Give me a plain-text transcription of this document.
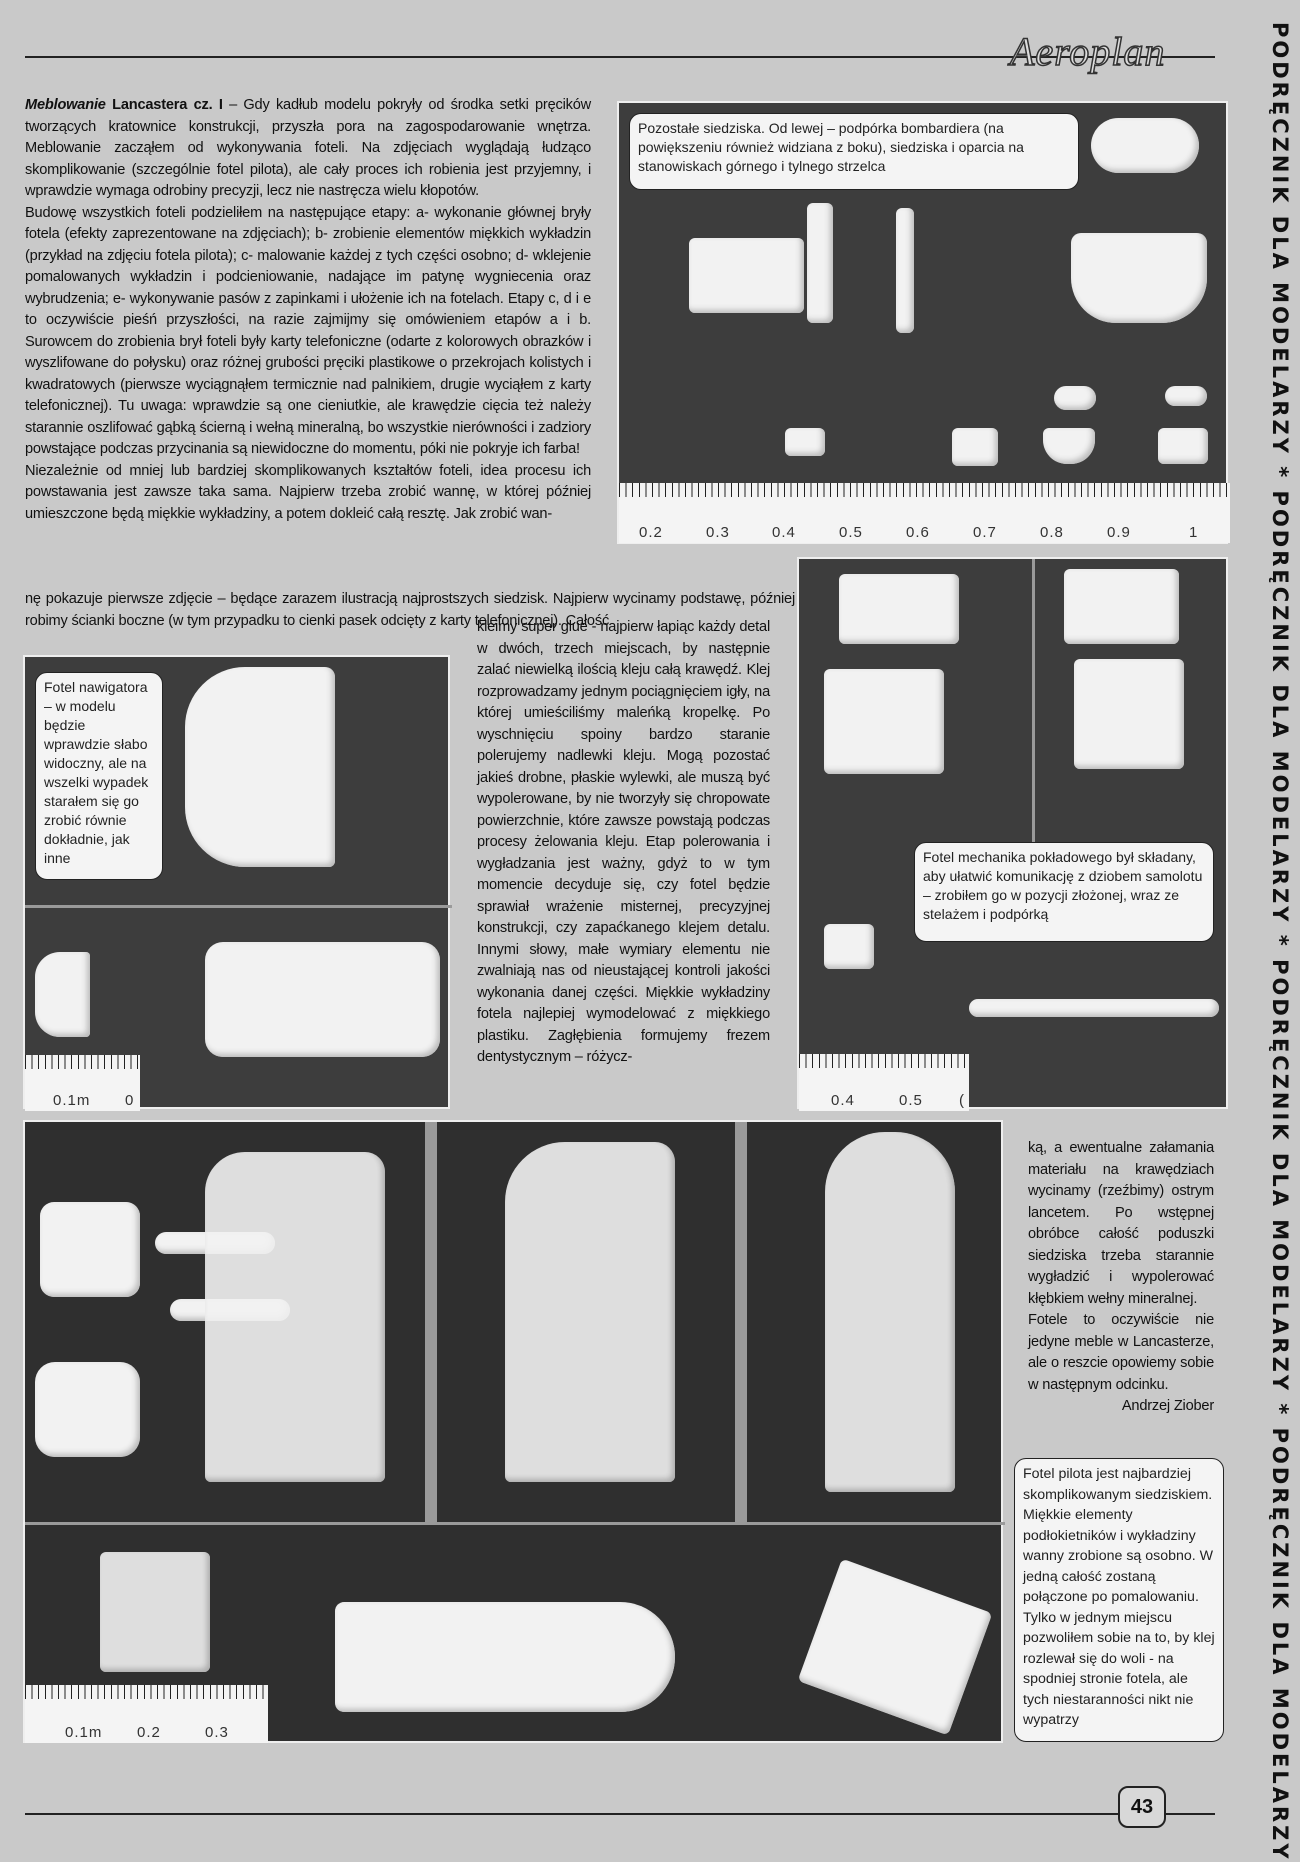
Aeroplan	PODRĘCZNIK DLA MODELARZY * PODRĘCZNIK DLA MODELARZY * PODRĘCZNIK DLA MODELARZY * PODRĘCZNIK DLA MODELARZY

Meblowanie Lancastera cz. I – Gdy kadłub modelu pokryły od środka setki pręcików tworzących kratownice konstrukcji, przyszła pora na zagospodarowanie wnętrza. Meblowanie zacząłem od wykonywania foteli. Na zdjęciach wyglądają łudząco skomplikowanie (szczególnie fotel pilota), ale cały proces ich robienia jest przyjemny, i wprawdzie wymaga odrobiny precyzji, lecz nie nastręcza wielu kłopotów.

Budowę wszystkich foteli podzieliłem na następujące etapy: a- wykonanie głównej bryły fotela (efekty zaprezentowane na zdjęciach); b- zrobienie elementów miękkich wykładzin (przykład na zdjęciu fotela pilota); c- malowanie każdej z tych części osobno; d- wklejenie pomalowanych wykładzin i podcieniowanie, nadające im patynę wygniecenia oraz wybrudzenia; e- wykonywanie pasów z zapinkami i ułożenie ich na fotelach. Etapy c, d i e to oczywiście pieśń przyszłości, na razie zajmijmy się omówieniem etapów a i b. Surowcem do zrobienia brył foteli były karty telefoniczne (odarte z kolorowych obrazków i wyszlifowane do połysku) oraz różnej grubości pręciki plastikowe o przekrojach kolistych i kwadratowych (pierwsze wyciągnąłem termicznie nad palnikiem, drugie wyciąłem z karty telefonicznej). Tu uwaga: wprawdzie są one cieniutkie, ale krawędzie cięcia też należy starannie oszlifować gąbką ścierną i wełną mineralną, bo wszystkie nierówności i zadziory powstające podczas przycinania są niewidoczne do momentu, póki nie pokryje ich farba!

Niezależnie od mniej lub bardziej skomplikowanych kształtów foteli, idea procesu ich powstawania jest zawsze taka sama. Najpierw trzeba zrobić wannę, w której później umieszczone będą miękkie wykładziny, a potem dokleić całą resztę. Jak zrobić wan-

nę pokazuje pierwsze zdjęcie – będące zarazem ilustracją najprostszych siedzisk. Najpierw wycinamy podstawę, później robimy ścianki boczne (w tym przypadku to cienki pasek odcięty z karty telefonicznej). Całość
kleimy super glue - najpierw łapiąc każdy detal w dwóch, trzech miejscach, by następnie zalać niewielką ilością kleju całą krawędź. Klej rozprowadzamy jednym pociągnięciem igły, na której umieściliśmy maleńką kropelkę. Po wyschnięciu spoiny bardzo staranie polerujemy nadlewki kleju. Mogą pozostać jakieś drobne, płaskie wylewki, ale muszą być wypolerowane, by nie tworzyły się chropowate powierzchnie, które zawsze powstają podczas procesy żelowania kleju. Etap polerowania i wygładzania jest ważny, gdyż to w tym momencie decyduje się, czy fotel będzie sprawiał wrażenie misternej, precyzyjnej konstrukcji, czy zapaćkanego klejem detalu. Innymi słowy, małe wymiary elementu nie zwalniają nas od nieustającej kontroli jakości wykonania danej części. Miękkie wykładziny fotela najlepiej wymodelować z miękkiego plastiku. Zagłębienia formujemy frezem dentystycznym – różycz-

ką, a ewentualne załamania materiału na krawędziach wycinamy (rzeźbimy) ostrym lancetem. Po wstępnej obróbce całość poduszki siedziska trzeba starannie wygładzić i wypolerować kłębkiem wełny mineralnej.

Fotele to oczywiście nie jedyne meble w Lancasterze, ale o reszcie opowiemy sobie w następnym odcinku.

Andrzej Ziober

Pozostałe siedziska. Od lewej – podpórka bombardiera (na powiększeniu również widziana z boku), siedziska i oparcia na stanowiskach górnego i tylnego strzelca
0.2	0.3	0.4	0.5	0.6	0.7	0.8	0.9	1
Fotel nawigatora – w modelu będzie wprawdzie słabo widoczny, ale na wszelki wypadek starałem się go zrobić równie dokładnie, jak inne
0.1m 0
Fotel mechanika pokładowego był składany, aby ułatwić komunikację z dziobem samolotu – zrobiłem go w pozycji złożonej, wraz ze stelażem i podpórką
0.4	0.5 (
0.1m 0.2	0.3
Fotel pilota jest najbardziej skomplikowanym siedziskiem. Miękkie elementy podłokietników i wykładziny wanny zrobione są osobno. W jedną całość zostaną połączone po pomalowaniu. Tylko w jednym miejscu pozwoliłem sobie na to, by klej rozlewał się do woli - na spodniej stronie fotela, ale tych niestaranności nikt nie wypatrzy
43
